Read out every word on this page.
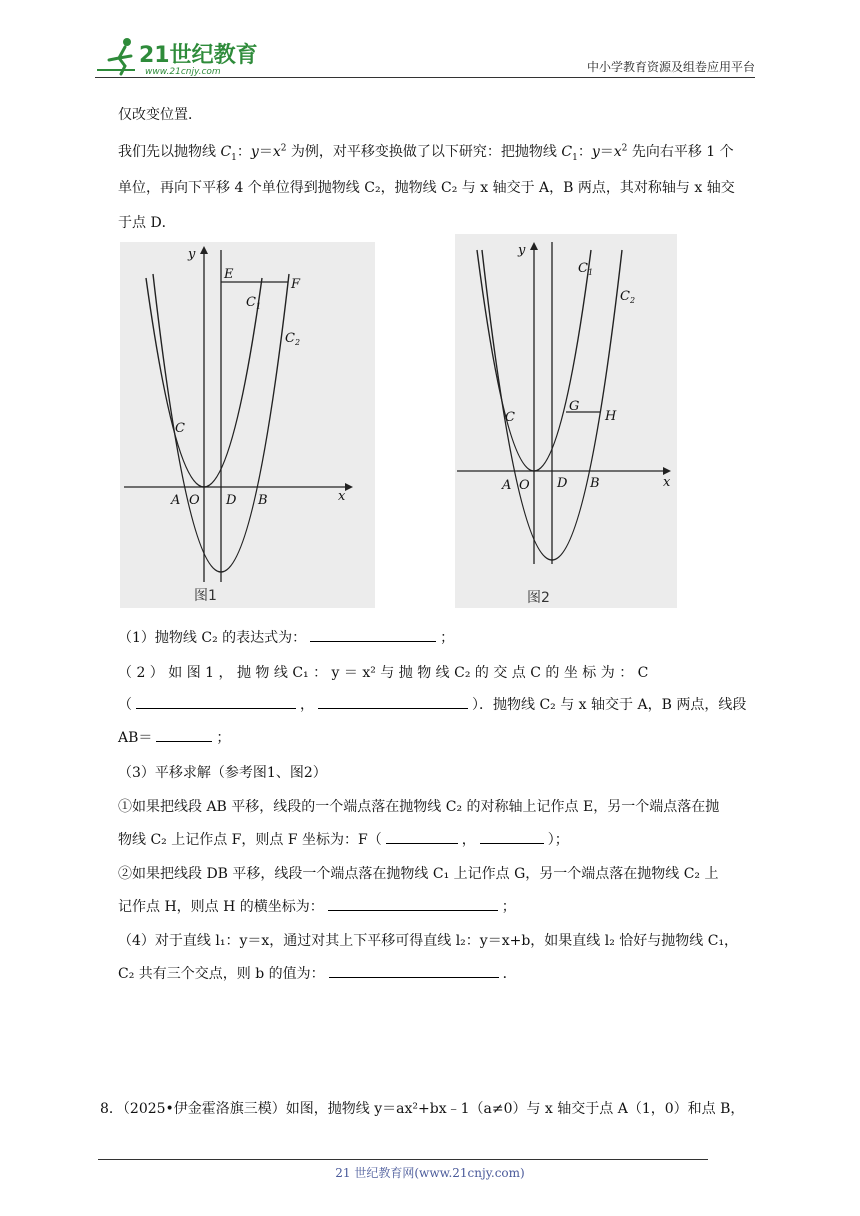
21世纪教育
www.21cnjy.com	中小学教育资源及组卷应用平台
仅改变位置．
我们先以抛物线 $C_1$：$y=x^2$ 为例，对平移变换做了以下研究：把抛物线 $C_1$：$y=x^2$ 先向右平移 1 个
单位，再向下平移 4 个单位得到抛物线 C₂，抛物线 C₂ 与 x 轴交于 A，B 两点，其对称轴与 x 轴交
于点 D．
y
x
A O D B
C
E
F
$C_1$
$C_2$
图1
y
x
A O D B
C
G
H
$C_1$
$C_2$
图2
（1）抛物线 C₂ 的表达式为：	；
（ 2 ） 如 图 1 ， 抛 物 线 C₁ ： y ＝ x² 与 抛 物 线 C₂ 的 交 点 C 的 坐 标 为 ： C
（	，	）．抛物线 C₂ 与 x 轴交于 A，B 两点，线段
AB＝	；
（3）平移求解（参考图1、图2）
①如果把线段 AB 平移，线段的一个端点落在抛物线 C₂ 的对称轴上记作点 E，另一个端点落在抛
物线 C₂ 上记作点 F，则点 F 坐标为：F（	，	）；
②如果把线段 DB 平移，线段一个端点落在抛物线 C₁ 上记作点 G，另一个端点落在抛物线 C₂ 上
记作点 H，则点 H 的横坐标为：	；
（4）对于直线 l₁：y＝x，通过对其上下平移可得直线 l₂：y＝x+b，如果直线 l₂ 恰好与抛物线 C₁，
C₂ 共有三个交点，则 b 的值为：	．
8．（2025•伊金霍洛旗三模）如图，抛物线 y＝ax²+bx﹣1（a≠0）与 x 轴交于点 A（1，0）和点 B，
21 世纪教育网(www.21cnjy.com)
